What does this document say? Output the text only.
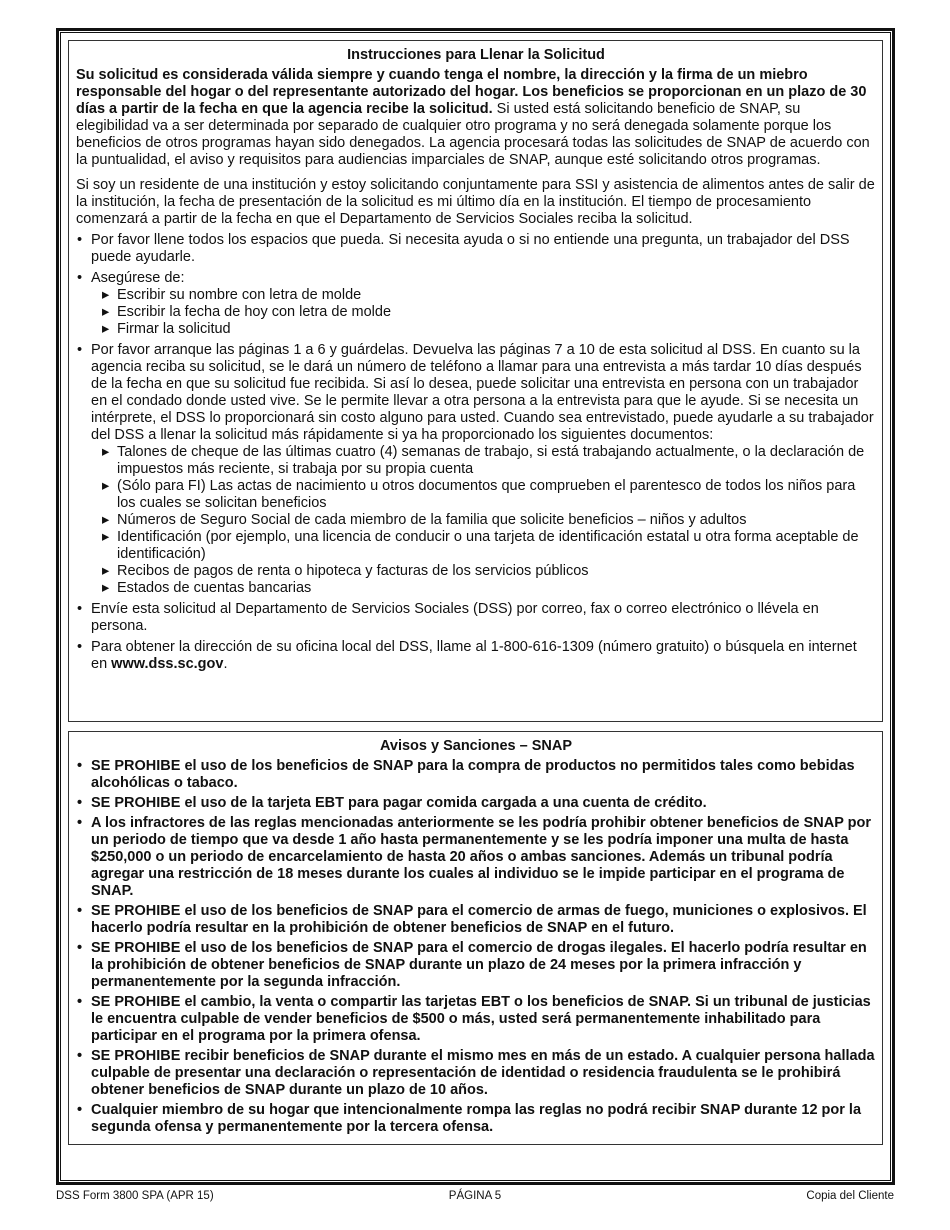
Instrucciones para Llenar la Solicitud

Su solicitud es considerada válida siempre y cuando tenga el nombre, la dirección y la firma de un miebro responsable del hogar o del representante autorizado del hogar. Los beneficios se proporcionan en un plazo de 30 días a partir de la fecha en que la agencia recibe la solicitud. Si usted está solicitando beneficio de SNAP, su elegibilidad va a ser determinada por separado de cualquier otro programa y no será denegada solamente porque los beneficios de otros programas hayan sido denegados. La agencia procesará todas las solicitudes de SNAP de acuerdo con la puntualidad, el aviso y requisitos para audiencias imparciales de SNAP, aunque esté solicitando otros programas.

Si soy un residente de una institución y estoy solicitando conjuntamente para SSI y asistencia de alimentos antes de salir de la institución, la fecha de presentación de la solicitud es mi último día en la institución. El tiempo de procesamiento comenzará a partir de la fecha en que el Departamento de Servicios Sociales reciba la solicitud.

• Por favor llene todos los espacios que pueda. Si necesita ayuda o si no entiende una pregunta, un trabajador del DSS puede ayudarle.
• Asegúrese de:
▸ Escribir su nombre con letra de molde
▸ Escribir la fecha de hoy con letra de molde
▸ Firmar la solicitud
• Por favor arranque las páginas 1 a 6 y guárdelas. Devuelva las páginas 7 a 10 de esta solicitud al DSS. En cuanto su la agencia reciba su solicitud, se le dará un número de teléfono a llamar para una entrevista a más tardar 10 días después de la fecha en que su solicitud fue recibida. Si así lo desea, puede solicitar una entrevista en persona con un trabajador en el condado donde usted vive. Se le permite llevar a otra persona a la entrevista para que le ayude. Si se necesita un intérprete, el DSS lo proporcionará sin costo alguno para usted. Cuando sea entrevistado, puede ayudarle a su trabajador del DSS a llenar la solicitud más rápidamente si ya ha proporcionado los siguientes documentos:
▸ Talones de cheque de las últimas cuatro (4) semanas de trabajo, si está trabajando actualmente, o la declaración de impuestos más reciente, si trabaja por su propia cuenta
▸ (Sólo para FI) Las actas de nacimiento u otros documentos que comprueben el parentesco de todos los niños para los cuales se solicitan beneficios
▸ Números de Seguro Social de cada miembro de la familia que solicite beneficios – niños y adultos
▸ Identificación (por ejemplo, una licencia de conducir o una tarjeta de identificación estatal u otra forma aceptable de identificación)
▸ Recibos de pagos de renta o hipoteca y facturas de los servicios públicos
▸ Estados de cuentas bancarias
• Envíe esta solicitud al Departamento de Servicios Sociales (DSS) por correo, fax o correo electrónico o llévela en persona.
• Para obtener la dirección de su oficina local del DSS, llame al 1-800-616-1309 (número gratuito) o búsquela en internet en www.dss.sc.gov.
Avisos y Sanciones – SNAP
• SE PROHIBE el uso de los beneficios de SNAP para la compra de productos no permitidos tales como bebidas alcohólicas o tabaco.
• SE PROHIBE el uso de la tarjeta EBT para pagar comida cargada a una cuenta de crédito.
• A los infractores de las reglas mencionadas anteriormente se les podría prohibir obtener beneficios de SNAP por un periodo de tiempo que va desde 1 año hasta permanentemente y se les podría imponer una multa de hasta $250,000 o un periodo de encarcelamiento de hasta 20 años o ambas sanciones. Además un tribunal podría agregar una restricción de 18 meses durante los cuales al individuo se le impide participar en el programa de SNAP.
• SE PROHIBE el uso de los beneficios de SNAP para el comercio de armas de fuego, municiones o explosivos. El hacerlo podría resultar en la prohibición de obtener beneficios de SNAP en el futuro.
• SE PROHIBE el uso de los beneficios de SNAP para el comercio de drogas ilegales. El hacerlo podría resultar en la prohibición de obtener beneficios de SNAP durante un plazo de 24 meses por la primera infracción y permanentemente por la segunda infracción.
• SE PROHIBE el cambio, la venta o compartir las tarjetas EBT o los beneficios de SNAP. Si un tribunal de justicias le encuentra culpable de vender beneficios de $500 o más, usted será permanentemente inhabilitado para participar en el programa por la primera ofensa.
• SE PROHIBE recibir beneficios de SNAP durante el mismo mes en más de un estado. A cualquier persona hallada culpable de presentar una declaración o representación de identidad o residencia fraudulenta se le prohibirá obtener beneficios de SNAP durante un plazo de 10 años.
• Cualquier miembro de su hogar que intencionalmente rompa las reglas no podrá recibir SNAP durante 12 por la segunda ofensa y permanentemente por la tercera ofensa.
DSS Form 3800 SPA (APR 15)	PÁGINA 5	Copia del Cliente
